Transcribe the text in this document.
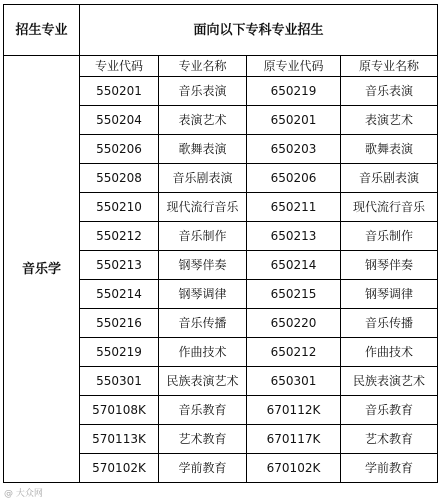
招生专业	面向以下专科专业招生			
音乐学	专业代码	专业名称	原专业代码	原专业名称
	550201	音乐表演	650219	音乐表演
	550204	表演艺术	650201	表演艺术
	550206	歌舞表演	650203	歌舞表演
	550208	音乐剧表演	650206	音乐剧表演
	550210	现代流行音乐	650211	现代流行音乐
	550212	音乐制作	650213	音乐制作
	550213	钢琴伴奏	650214	钢琴伴奏
	550214	钢琴调律	650215	钢琴调律
	550216	音乐传播	650220	音乐传播
	550219	作曲技术	650212	作曲技术
	550301	民族表演艺术	650301	民族表演艺术
	570108K	音乐教育	670112K	音乐教育
	570113K	艺术教育	670117K	艺术教育
	570102K	学前教育	670102K	学前教育
@ 大众网
